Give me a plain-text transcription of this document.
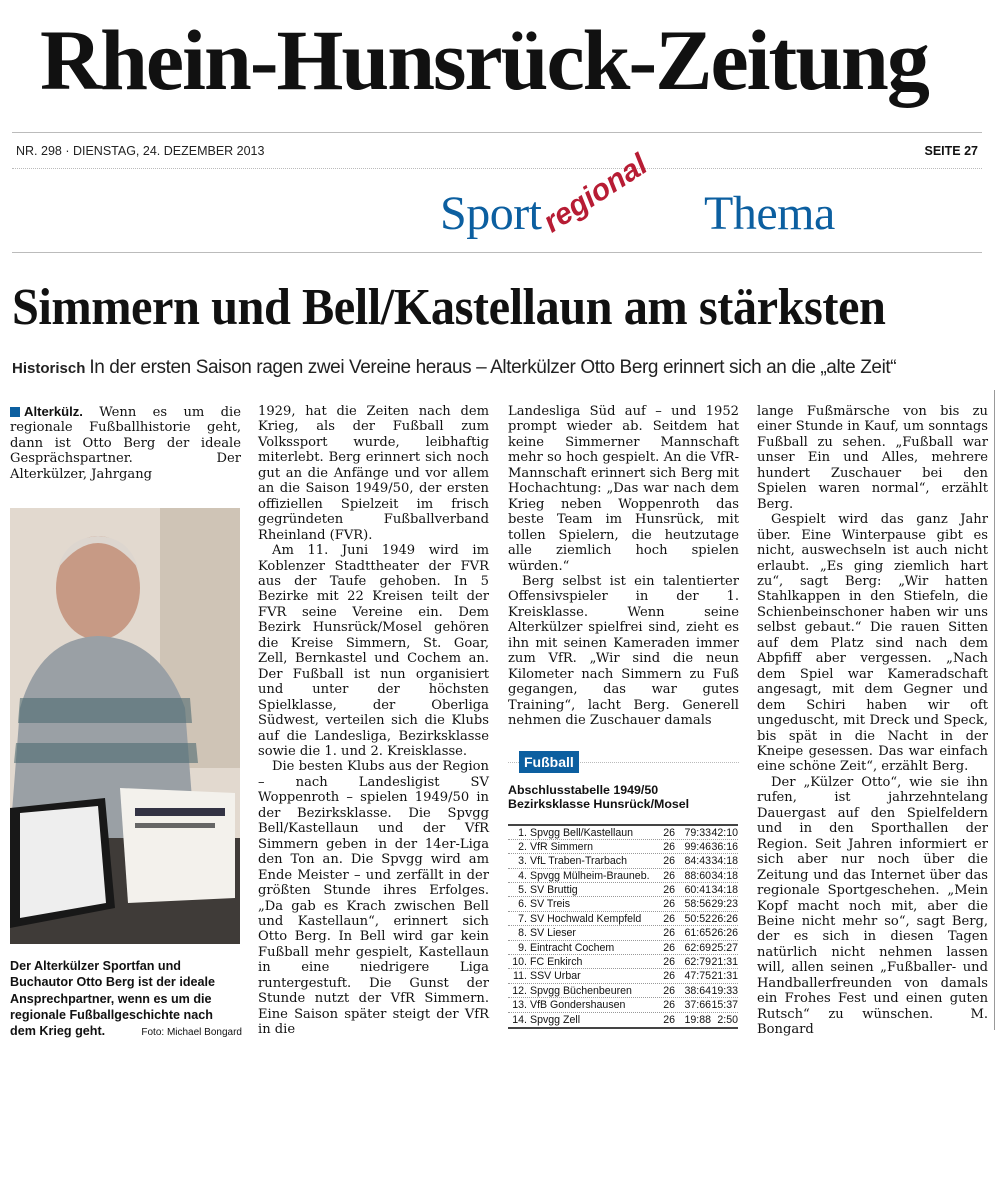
Rhein-Hunsrück-Zeitung
NR. 298 · DIENSTAG, 24. DEZEMBER 2013	SEITE 27
Sport
regional Thema
Simmern und Bell/Kastellaun am stärksten
Historisch In der ersten Saison ragen zwei Vereine heraus – Alterkülzer Otto Berg erinnert sich an die „alte Zeit“

Alterkülz. Wenn es um die regionale Fußballhistorie geht, dann ist Otto Berg der ideale Gesprächspartner. Der Alterkülzer, Jahrgang

Der Alterkülzer Sportfan und Buchautor Otto Berg ist der ideale Ansprechpartner, wenn es um die regionale Fußballgeschichte nach dem Krieg geht.	Foto: Michael Bongard

1929, hat die Zeiten nach dem Krieg, als der Fußball zum Volkssport wurde, leibhaftig miterlebt. Berg erinnert sich noch gut an die Anfänge und vor allem an die Saison 1949/50, der ersten offiziellen Spielzeit im frisch gegründeten Fußballverband Rheinland (FVR).

Am 11. Juni 1949 wird im Koblenzer Stadttheater der FVR aus der Taufe gehoben. In 5 Bezirke mit 22 Kreisen teilt der FVR seine Vereine ein. Dem Bezirk Hunsrück/Mosel gehören die Kreise Simmern, St. Goar, Zell, Bernkastel und Cochem an. Der Fußball ist nun organisiert und unter der höchsten Spielklasse, der Oberliga Südwest, verteilen sich die Klubs auf die Landesliga, Bezirksklasse sowie die 1. und 2. Kreisklasse.

Die besten Klubs aus der Region – nach Landesligist SV Woppenroth – spielen 1949/50 in der Bezirksklasse. Die Spvgg Bell/Kastellaun und der VfR Simmern geben in der 14er-Liga den Ton an. Die Spvgg wird am Ende Meister – und zerfällt in der größten Stunde ihres Erfolges. „Da gab es Krach zwischen Bell und Kastellaun“, erinnert sich Otto Berg. In Bell wird gar kein Fußball mehr gespielt, Kastellaun in eine niedrigere Liga runtergestuft. Die Gunst der Stunde nutzt der VfR Simmern. Eine Saison später steigt der VfR in die

Landesliga Süd auf – und 1952 prompt wieder ab. Seitdem hat keine Simmerner Mannschaft mehr so hoch gespielt. An die VfR-Mannschaft erinnert sich Berg mit Hochachtung: „Das war nach dem Krieg neben Woppenroth das beste Team im Hunsrück, mit tollen Spielern, die heutzutage alle ziemlich hoch spielen würden.“

Berg selbst ist ein talentierter Offensivspieler in der 1. Kreisklasse. Wenn seine Alterkülzer spielfrei sind, zieht es ihn mit seinen Kameraden immer zum VfR. „Wir sind die neun Kilometer nach Simmern zu Fuß gegangen, das war gutes Training“, lacht Berg. Generell nehmen die Zuschauer damals

Fußball
Abschlusstabelle 1949/50
Bezirksklasse Hunsrück/Mosel
1. Spvgg Bell/Kastellaun	26 79:33 42:10
2. VfR Simmern	26 99:46 36:16
3. VfL Traben-Trarbach	26 84:43 34:18
4. Spvgg Mülheim-Brauneb.	26 88:60 34:18
5. SV Bruttig	26 60:41 34:18
6. SV Treis	26 58:56 29:23
7. SV Hochwald Kempfeld	26 50:52 26:26
8. SV Lieser	26 61:65 26:26
9. Eintracht Cochem	26 62:69 25:27
10. FC Enkirch	26 62:79 21:31
11. SSV Urbar	26 47:75 21:31
12. Spvgg Büchenbeuren	26 38:64 19:33
13. VfB Gondershausen	26 37:66 15:37
14. Spvgg Zell	26 19:88 2:50

lange Fußmärsche von bis zu einer Stunde in Kauf, um sonntags Fußball zu sehen. „Fußball war unser Ein und Alles, mehrere hundert Zuschauer bei den Spielen waren normal“, erzählt Berg.

Gespielt wird das ganz Jahr über. Eine Winterpause gibt es nicht, auswechseln ist auch nicht erlaubt. „Es ging ziemlich hart zu“, sagt Berg: „Wir hatten Stahlkappen in den Stiefeln, die Schienbeinschoner haben wir uns selbst gebaut.“ Die rauen Sitten auf dem Platz sind nach dem Abpfiff aber vergessen. „Nach dem Spiel war Kameradschaft angesagt, mit dem Gegner und dem Schiri haben wir oft ungeduscht, mit Dreck und Speck, bis spät in die Nacht in der Kneipe gesessen. Das war einfach eine schöne Zeit“, erzählt Berg.

Der „Külzer Otto“, wie sie ihn rufen, ist jahrzehntelang Dauergast auf den Spielfeldern und in den Sporthallen der Region. Seit Jahren informiert er sich aber nur noch über die Zeitung und das Internet über das regionale Sportgeschehen. „Mein Kopf macht noch mit, aber die Beine nicht mehr so“, sagt Berg, der es sich in diesen Tagen natürlich nicht nehmen lassen will, allen seinen „Fußballer- und Handballerfreunden von damals ein Frohes Fest und einen guten Rutsch“ zu wünschen.	M. Bongard
